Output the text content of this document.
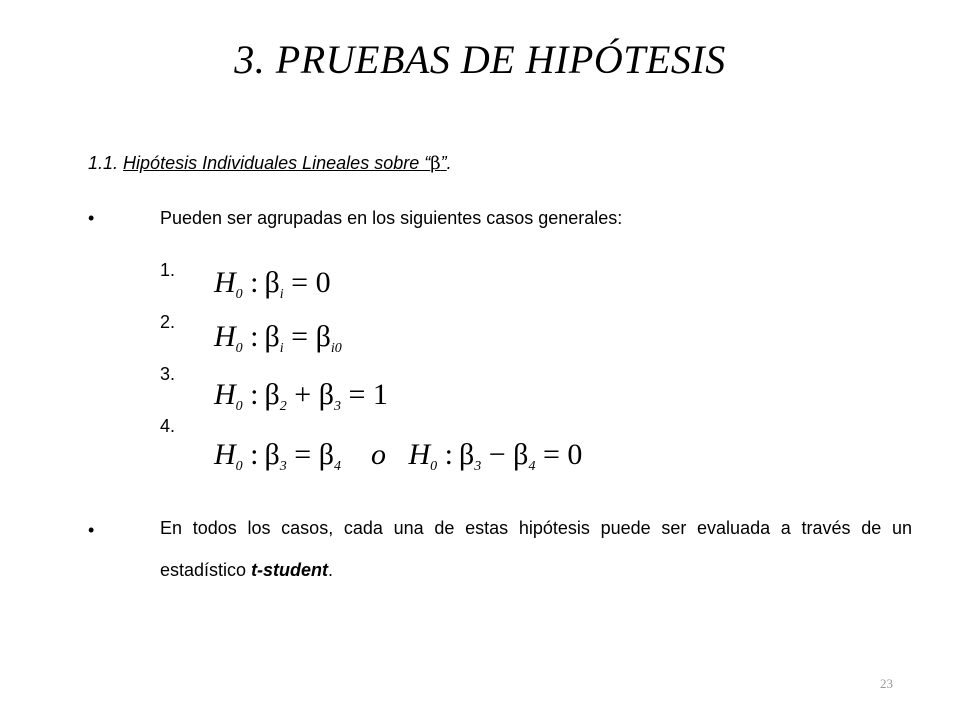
3. PRUEBAS DE HIPÓTESIS
1.1. Hipótesis Individuales Lineales sobre “β”.
•	Pueden ser agrupadas en los siguientes casos generales:
1. $H_0$ : $\beta_i = 0$
2. $H_0$ : $\beta_i = \beta_{i0}$
3.
$H_0$ : $\beta_2 + \beta_3 = 1$
4.
$H_0$ : $\beta_3 = \beta_4$ o $H_0$ : $\beta_3 - \beta_4 = 0$
•	En todos los casos, cada una de estas hipótesis puede ser evaluada a través de un estadístico t-student.
23
